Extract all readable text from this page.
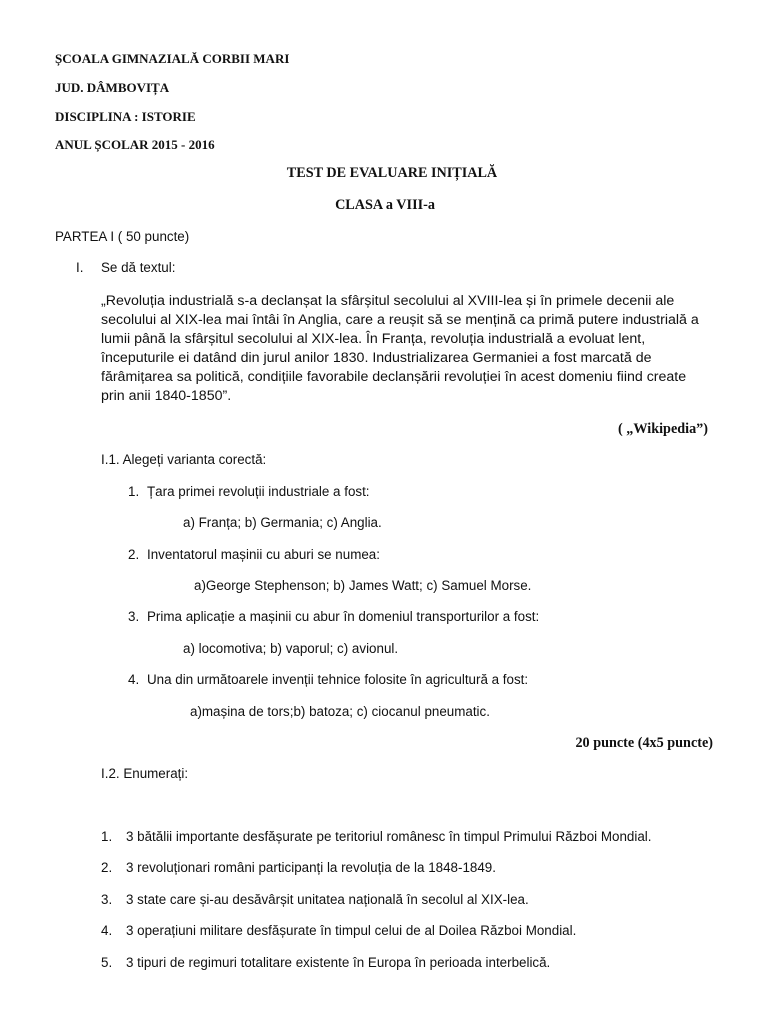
ȘCOALA GIMNAZIALĂ CORBII MARI
JUD. DÂMBOVIȚA
DISCIPLINA : ISTORIE
ANUL ȘCOLAR 2015 - 2016
TEST DE EVALUARE INIȚIALĂ
CLASA a VIII-a
PARTEA I ( 50 puncte)
I. Se dă textul:
„Revoluția industrială s-a declanșat la sfârșitul secolului al XVIII-lea și în primele decenii ale
secolului al XIX-lea mai întâi în Anglia, care a reușit să se mențină ca primă putere industrială a
lumii până la sfârșitul secolului al XIX-lea. În Franța, revoluția industrială a evoluat lent,
începuturile ei datând din jurul anilor 1830. Industrializarea Germaniei a fost marcată de
fărâmițarea sa politică, condițiile favorabile declanșării revoluției în acest domeniu fiind create
prin anii 1840-1850”.
( „Wikipedia”)
I.1. Alegeți varianta corectă:
1. Țara primei revoluții industriale a fost:
a) Franța; b) Germania; c) Anglia.
2. Inventatorul mașinii cu aburi se numea:
a)George Stephenson; b) James Watt; c) Samuel Morse.
3. Prima aplicație a mașinii cu abur în domeniul transporturilor a fost:
a) locomotiva; b) vaporul; c) avionul.
4. Una din următoarele invenții tehnice folosite în agricultură a fost:
a)mașina de tors;b) batoza; c) ciocanul pneumatic.
20 puncte (4x5 puncte)
I.2. Enumerați:
1. 3 bătălii importante desfășurate pe teritoriul românesc în timpul Primului Război Mondial.
2. 3 revoluționari români participanți la revoluția de la 1848-1849.
3. 3 state care și-au desăvârșit unitatea națională în secolul al XIX-lea.
4. 3 operațiuni militare desfășurate în timpul celui de al Doilea Război Mondial.
5. 3 tipuri de regimuri totalitare existente în Europa în perioada interbelică.
